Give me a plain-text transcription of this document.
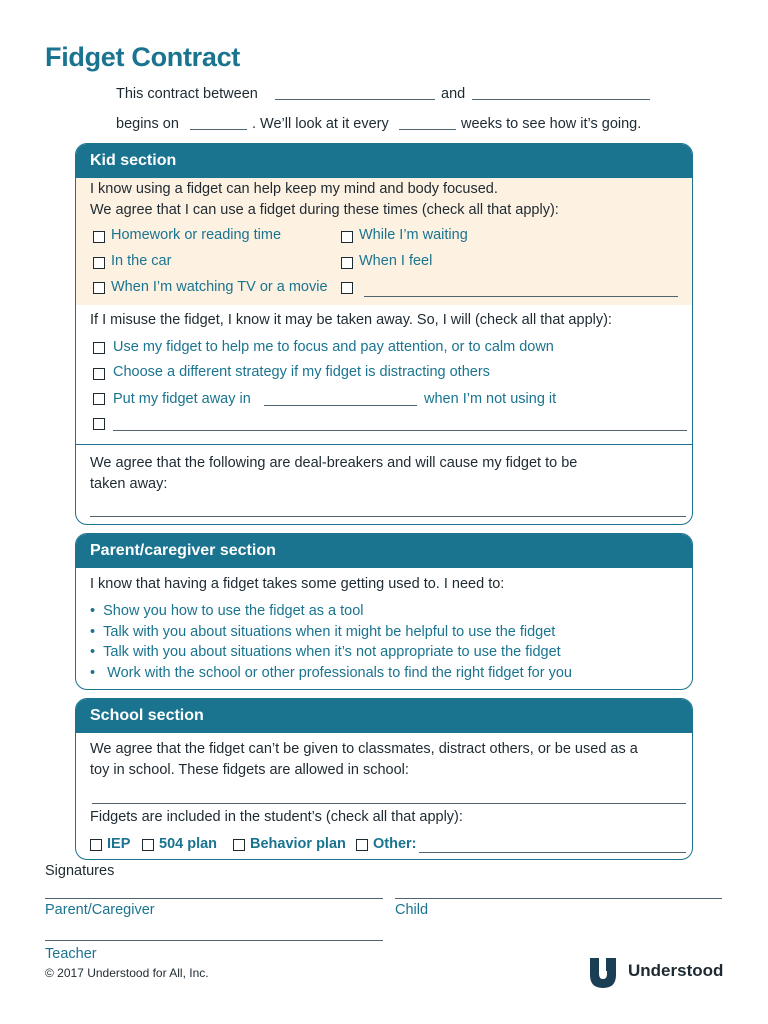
Fidget Contract
This contract between	and
begins on	. We’ll look at it every	weeks to see how it’s going.
Kid section
I know using a fidget can help keep my mind and body focused.
We agree that I can use a fidget during these times (check all that apply):
Homework or reading time	While I’m waiting
In the car	When I feel
When I’m watching TV or a movie
If I misuse the fidget, I know it may be taken away. So, I will (check all that apply):
Use my fidget to help me to focus and pay attention, or to calm down
Choose a different strategy if my fidget is distracting others
Put my fidget away in	when I’m not using it
We agree that the following are deal-breakers and will cause my fidget to be
taken away:
Parent/caregiver section
I know that having a fidget takes some getting used to. I need to:
•  Show you how to use the fidget as a tool
•  Talk with you about situations when it might be helpful to use the fidget
•  Talk with you about situations when it’s not appropriate to use the fidget
•   Work with the school or other professionals to find the right fidget for you
School section
We agree that the fidget can’t be given to classmates, distract others, or be used as a
toy in school. These fidgets are allowed in school:
Fidgets are included in the student’s (check all that apply):
IEP 504 plan Behavior plan Other:
Signatures
Parent/Caregiver	Child
Teacher
© 2017 Understood for All, Inc.	Understood
